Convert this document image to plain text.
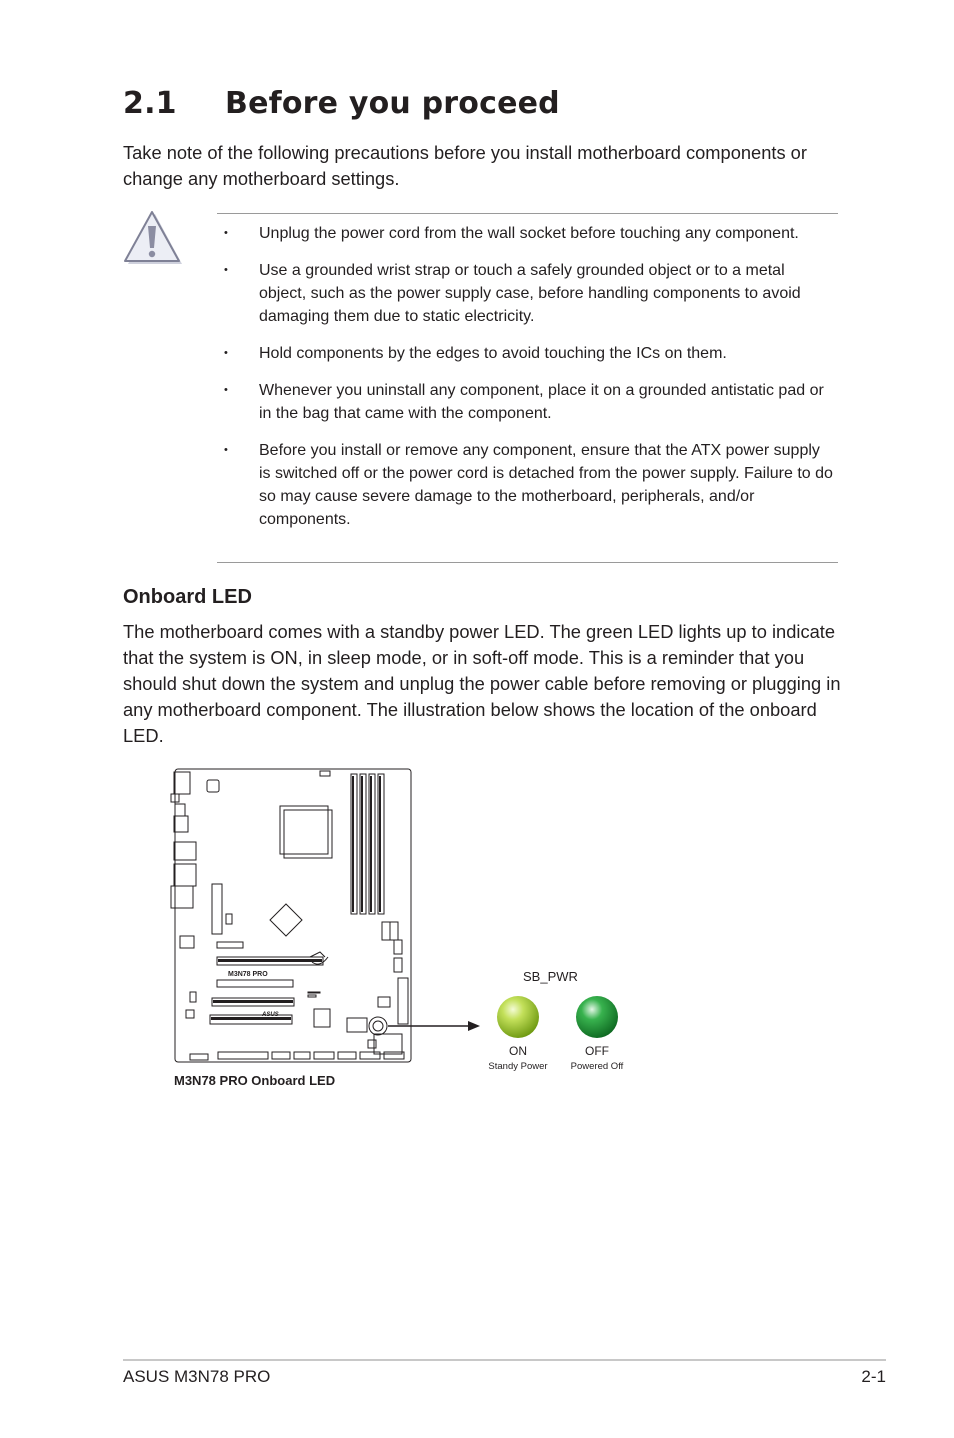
2.1 Before you proceed
Take note of the following precautions before you install motherboard components or change any motherboard settings.
• Unplug the power cord from the wall socket before touching any component.
• Use a grounded wrist strap or touch a safely grounded object or to a metal object, such as the power supply case, before handling components to avoid damaging them due to static electricity.
• Hold components by the edges to avoid touching the ICs on them.
• Whenever you uninstall any component, place it on a grounded antistatic pad or in the bag that came with the component.
• Before you install or remove any component, ensure that the ATX power supply is switched off or the power cord is detached from the power supply. Failure to do so may cause severe damage to the motherboard, peripherals, and/or components.
Onboard LED
The motherboard comes with a standby power LED. The green LED lights up to indicate that the system is ON, in sleep mode, or in soft-off mode. This is a reminder that you should shut down the system and unplug the power cable before removing or plugging in any motherboard component. The illustration below shows the location of the onboard LED.
M3N78 PRO
ASUS
SB_PWR
ON
Standy Power
OFF
Powered Off
M3N78 PRO Onboard LED
ASUS M3N78 PRO	2-1
